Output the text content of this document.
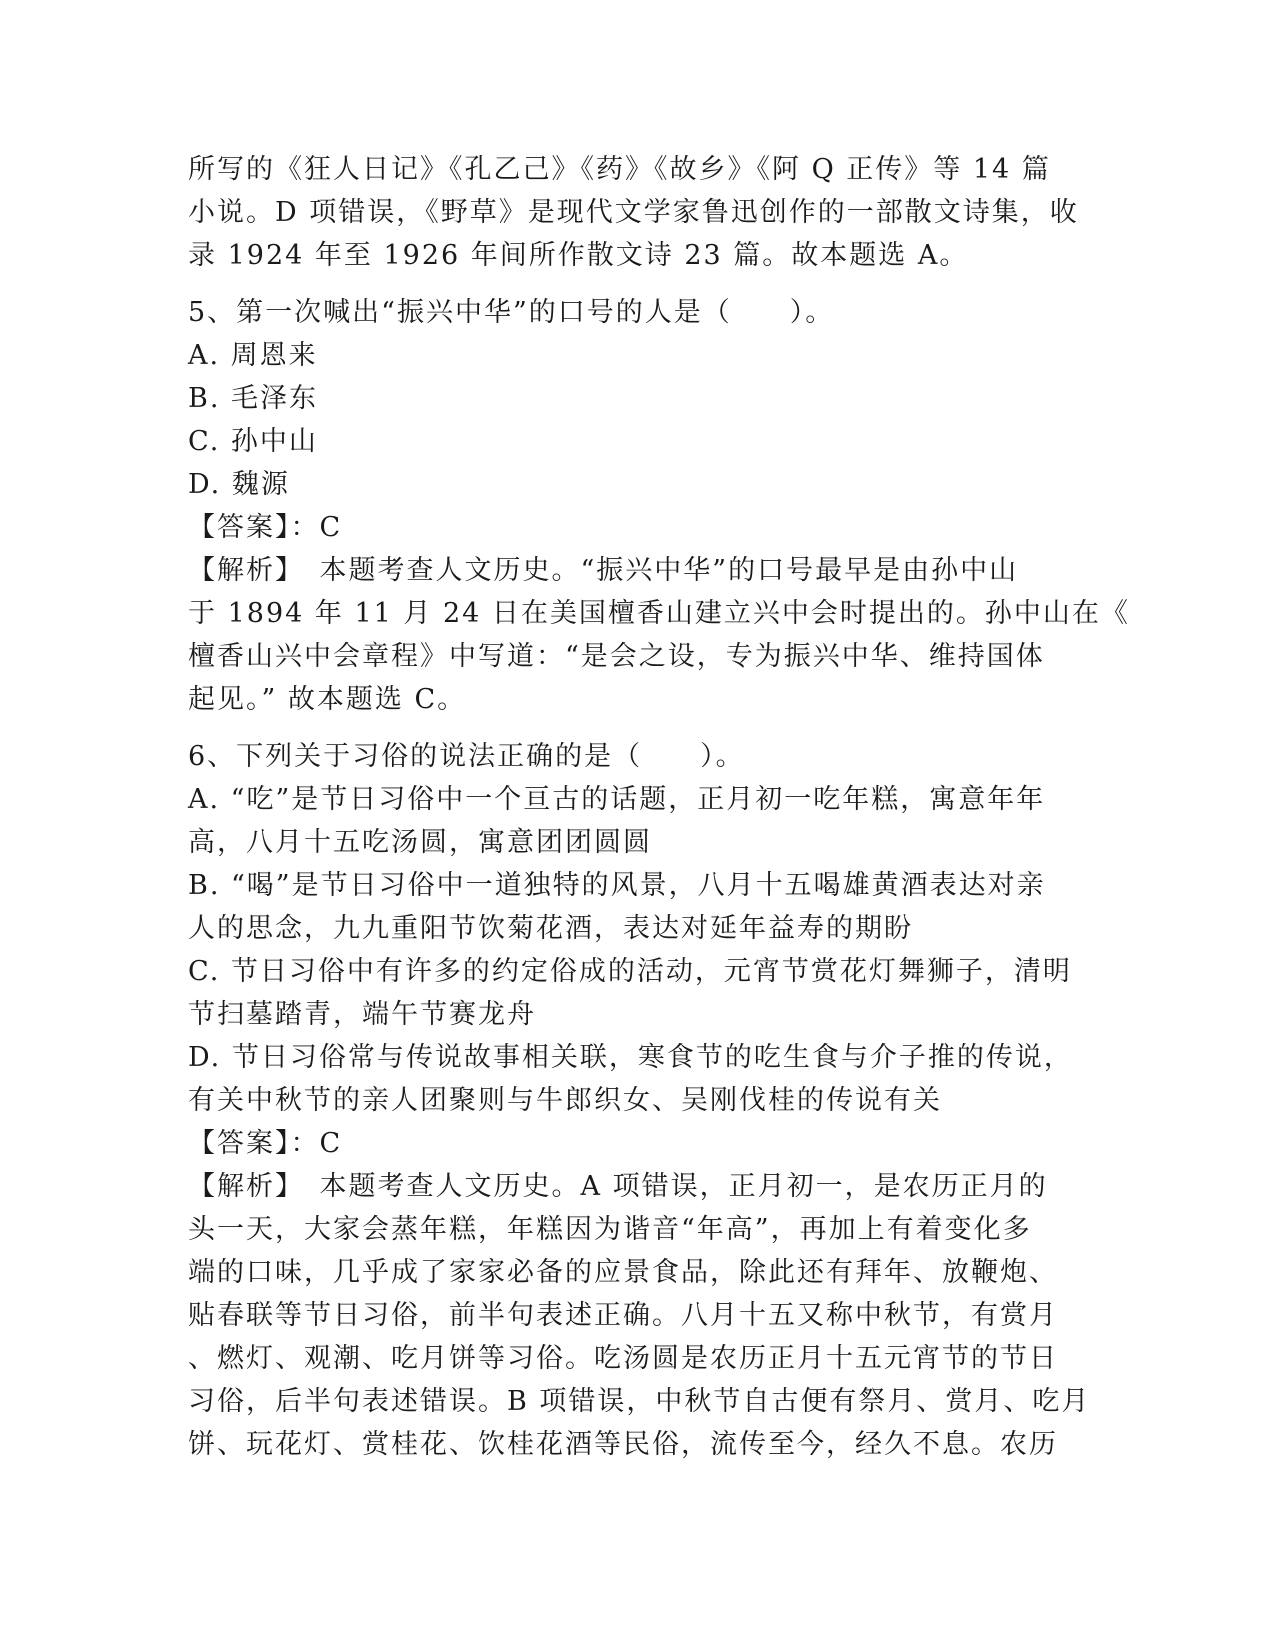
所写的《狂人日记》《孔乙己》《药》《故乡》《阿 Q 正传》等 14 篇
小说。D 项错误，《野草》是现代文学家鲁迅创作的一部散文诗集，收
录 1924 年至 1926 年间所作散文诗 23 篇。故本题选 A。
5、第一次喊出“振兴中华”的口号的人是（　　）。
A. 周恩来
B. 毛泽东
C. 孙中山
D. 魏源
【答案】：C
【解析】　本题考查人文历史。“振兴中华”的口号最早是由孙中山
于 1894 年 11 月 24 日在美国檀香山建立兴中会时提出的。孙中山在《
檀香山兴中会章程》中写道：“是会之设，专为振兴中华、维持国体
起见。” 故本题选 C。
6、下列关于习俗的说法正确的是（　　）。
A. “吃”是节日习俗中一个亘古的话题，正月初一吃年糕，寓意年年
高，八月十五吃汤圆，寓意团团圆圆
B. “喝”是节日习俗中一道独特的风景，八月十五喝雄黄酒表达对亲
人的思念，九九重阳节饮菊花酒，表达对延年益寿的期盼
C. 节日习俗中有许多的约定俗成的活动，元宵节赏花灯舞狮子，清明
节扫墓踏青，端午节赛龙舟
D. 节日习俗常与传说故事相关联，寒食节的吃生食与介子推的传说，
有关中秋节的亲人团聚则与牛郎织女、吴刚伐桂的传说有关
【答案】：C
【解析】　本题考查人文历史。A 项错误，正月初一，是农历正月的
头一天，大家会蒸年糕，年糕因为谐音“年高”，再加上有着变化多
端的口味，几乎成了家家必备的应景食品，除此还有拜年、放鞭炮、
贴春联等节日习俗，前半句表述正确。八月十五又称中秋节，有赏月
、燃灯、观潮、吃月饼等习俗。吃汤圆是农历正月十五元宵节的节日
习俗，后半句表述错误。B 项错误，中秋节自古便有祭月、赏月、吃月
饼、玩花灯、赏桂花、饮桂花酒等民俗，流传至今，经久不息。农历
